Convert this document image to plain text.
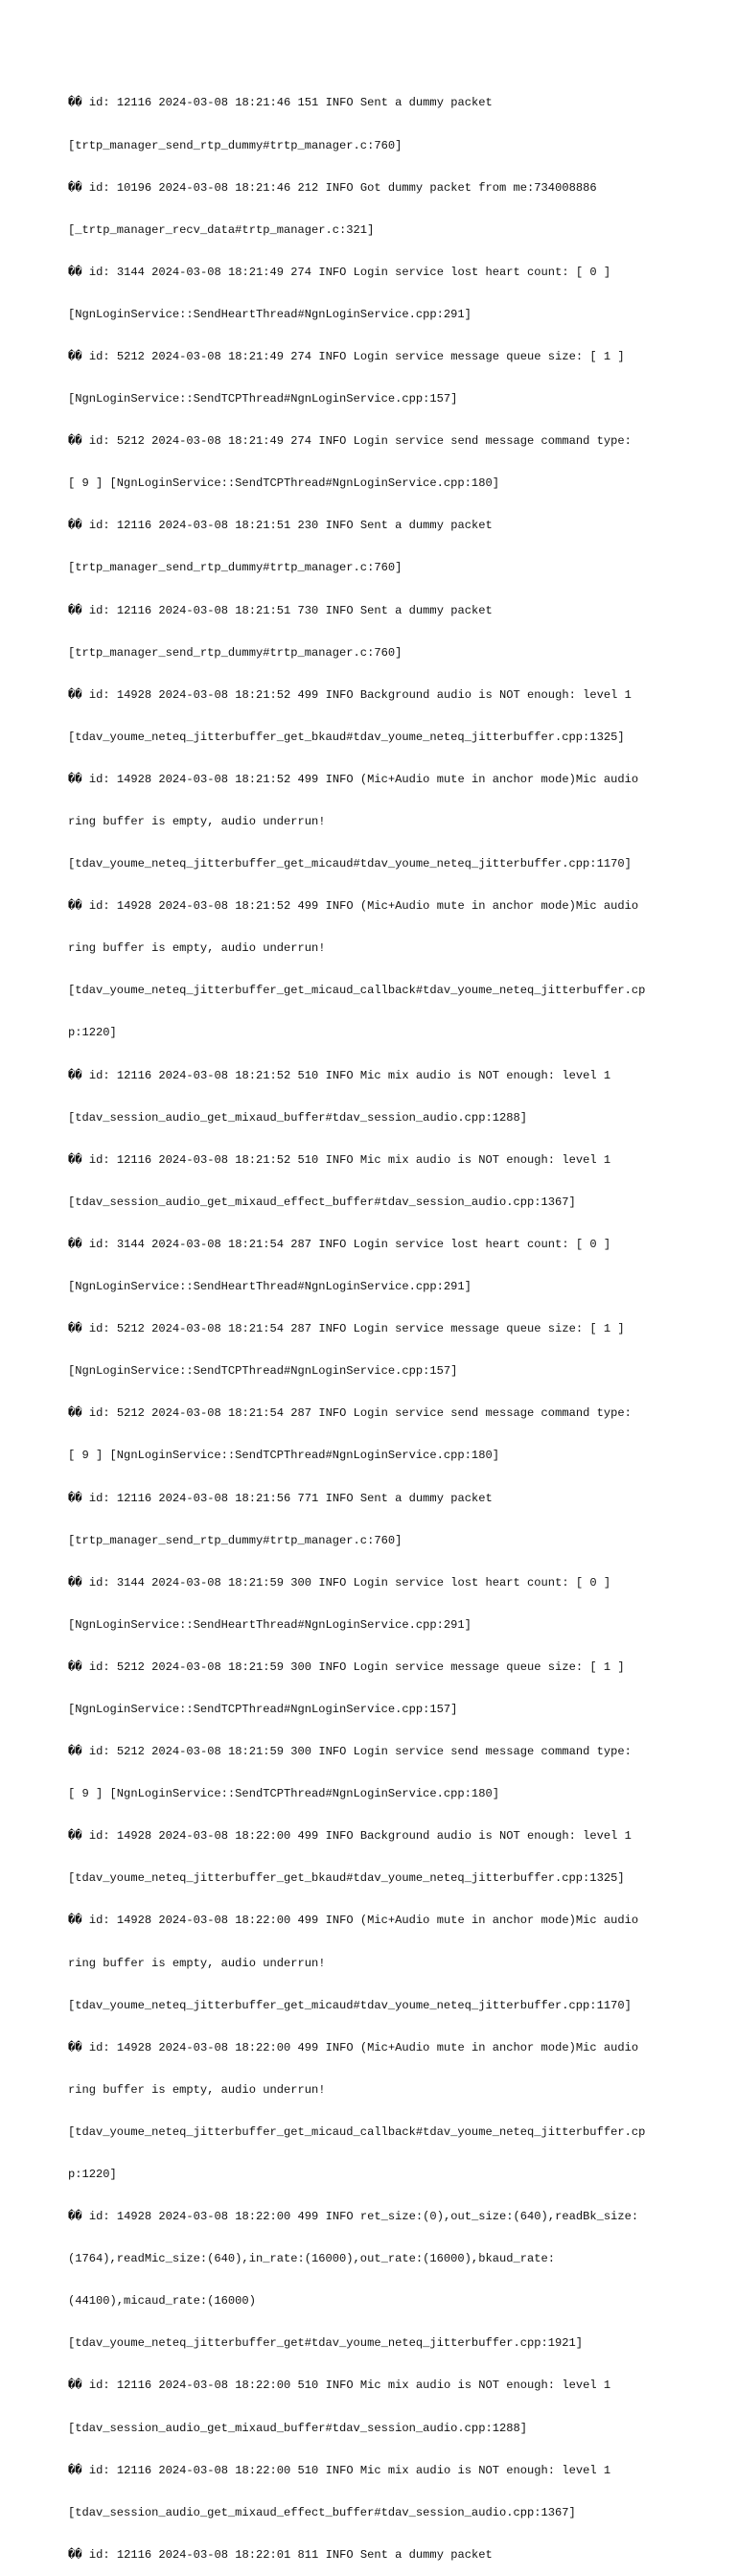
�� id: 12116 2024-03-08 18:21:46 151 INFO Sent a dummy packet

[trtp_manager_send_rtp_dummy#trtp_manager.c:760]

�� id: 10196 2024-03-08 18:21:46 212 INFO Got dummy packet from me:734008886

[_trtp_manager_recv_data#trtp_manager.c:321]

�� id: 3144 2024-03-08 18:21:49 274 INFO Login service lost heart count: [ 0 ]

[NgnLoginService::SendHeartThread#NgnLoginService.cpp:291]

�� id: 5212 2024-03-08 18:21:49 274 INFO Login service message queue size: [ 1 ]

[NgnLoginService::SendTCPThread#NgnLoginService.cpp:157]

�� id: 5212 2024-03-08 18:21:49 274 INFO Login service send message command type:

[ 9 ] [NgnLoginService::SendTCPThread#NgnLoginService.cpp:180]

�� id: 12116 2024-03-08 18:21:51 230 INFO Sent a dummy packet

[trtp_manager_send_rtp_dummy#trtp_manager.c:760]

�� id: 12116 2024-03-08 18:21:51 730 INFO Sent a dummy packet

[trtp_manager_send_rtp_dummy#trtp_manager.c:760]

�� id: 14928 2024-03-08 18:21:52 499 INFO Background audio is NOT enough: level 1

[tdav_youme_neteq_jitterbuffer_get_bkaud#tdav_youme_neteq_jitterbuffer.cpp:1325]

�� id: 14928 2024-03-08 18:21:52 499 INFO (Mic+Audio mute in anchor mode)Mic audio

ring buffer is empty, audio underrun!

[tdav_youme_neteq_jitterbuffer_get_micaud#tdav_youme_neteq_jitterbuffer.cpp:1170]

�� id: 14928 2024-03-08 18:21:52 499 INFO (Mic+Audio mute in anchor mode)Mic audio

ring buffer is empty, audio underrun!

[tdav_youme_neteq_jitterbuffer_get_micaud_callback#tdav_youme_neteq_jitterbuffer.cp

p:1220]

�� id: 12116 2024-03-08 18:21:52 510 INFO Mic mix audio is NOT enough: level 1

[tdav_session_audio_get_mixaud_buffer#tdav_session_audio.cpp:1288]

�� id: 12116 2024-03-08 18:21:52 510 INFO Mic mix audio is NOT enough: level 1

[tdav_session_audio_get_mixaud_effect_buffer#tdav_session_audio.cpp:1367]

�� id: 3144 2024-03-08 18:21:54 287 INFO Login service lost heart count: [ 0 ]

[NgnLoginService::SendHeartThread#NgnLoginService.cpp:291]

�� id: 5212 2024-03-08 18:21:54 287 INFO Login service message queue size: [ 1 ]

[NgnLoginService::SendTCPThread#NgnLoginService.cpp:157]

�� id: 5212 2024-03-08 18:21:54 287 INFO Login service send message command type:

[ 9 ] [NgnLoginService::SendTCPThread#NgnLoginService.cpp:180]

�� id: 12116 2024-03-08 18:21:56 771 INFO Sent a dummy packet

[trtp_manager_send_rtp_dummy#trtp_manager.c:760]

�� id: 3144 2024-03-08 18:21:59 300 INFO Login service lost heart count: [ 0 ]

[NgnLoginService::SendHeartThread#NgnLoginService.cpp:291]

�� id: 5212 2024-03-08 18:21:59 300 INFO Login service message queue size: [ 1 ]

[NgnLoginService::SendTCPThread#NgnLoginService.cpp:157]

�� id: 5212 2024-03-08 18:21:59 300 INFO Login service send message command type:

[ 9 ] [NgnLoginService::SendTCPThread#NgnLoginService.cpp:180]

�� id: 14928 2024-03-08 18:22:00 499 INFO Background audio is NOT enough: level 1

[tdav_youme_neteq_jitterbuffer_get_bkaud#tdav_youme_neteq_jitterbuffer.cpp:1325]

�� id: 14928 2024-03-08 18:22:00 499 INFO (Mic+Audio mute in anchor mode)Mic audio

ring buffer is empty, audio underrun!

[tdav_youme_neteq_jitterbuffer_get_micaud#tdav_youme_neteq_jitterbuffer.cpp:1170]

�� id: 14928 2024-03-08 18:22:00 499 INFO (Mic+Audio mute in anchor mode)Mic audio

ring buffer is empty, audio underrun!

[tdav_youme_neteq_jitterbuffer_get_micaud_callback#tdav_youme_neteq_jitterbuffer.cp

p:1220]

�� id: 14928 2024-03-08 18:22:00 499 INFO ret_size:(0),out_size:(640),readBk_size:

(1764),readMic_size:(640),in_rate:(16000),out_rate:(16000),bkaud_rate:

(44100),micaud_rate:(16000)

[tdav_youme_neteq_jitterbuffer_get#tdav_youme_neteq_jitterbuffer.cpp:1921]

�� id: 12116 2024-03-08 18:22:00 510 INFO Mic mix audio is NOT enough: level 1

[tdav_session_audio_get_mixaud_buffer#tdav_session_audio.cpp:1288]

�� id: 12116 2024-03-08 18:22:00 510 INFO Mic mix audio is NOT enough: level 1

[tdav_session_audio_get_mixaud_effect_buffer#tdav_session_audio.cpp:1367]

�� id: 12116 2024-03-08 18:22:01 811 INFO Sent a dummy packet
